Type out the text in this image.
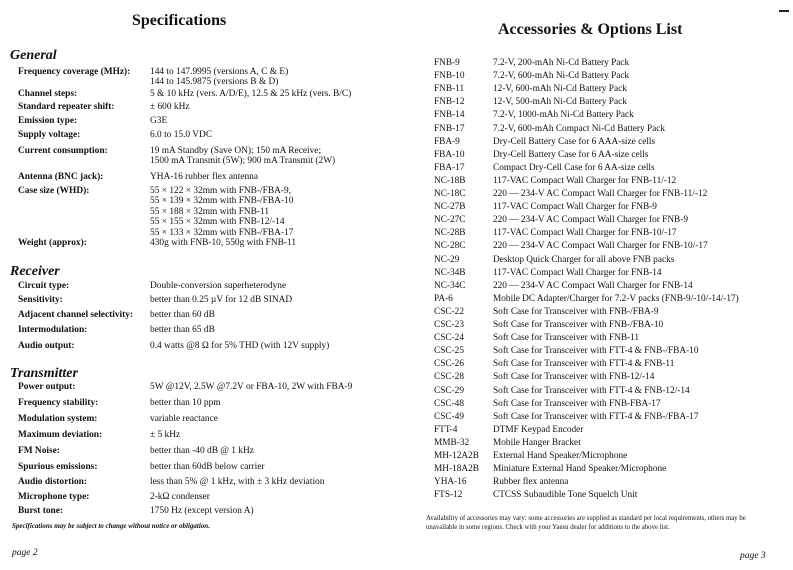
Specifications
General
Frequency coverage (MHz): 144 to 147.9995 (versions A, C & E)
144 to 145.9875 (versions B & D)
Channel steps:	5 & 10 kHz (vers. A/D/E), 12.5 & 25 kHz (vers. B/C)
Standard repeater shift:	± 600 kHz
Emission type:	G3E
Supply voltage:	6.0 to 15.0 VDC
Current consumption:	19 mA Standby (Save ON); 150 mA Receive;
1500 mA Transmit (5W); 900 mA Transmit (2W)
Antenna (BNC jack):	YHA-16 rubber flex antenna
Case size (WHD):	55 × 122 × 32mm with FNB-/FBA-9,
55 × 139 × 32mm with FNB-/FBA-10
55 × 188 × 32mm with FNB-11
55 × 155 × 32mm with FNB-12/-14
55 × 133 × 32mm with FNB-/FBA-17
Weight (approx):	430g with FNB-10, 550g with FNB-11
Receiver
Circuit type:	Double-conversion superheterodyne
Sensitivity:	better than 0.25 µV for 12 dB SINAD
Adjacent channel selectivity: better than 60 dB
Intermodulation:	better than 65 dB
Audio output:	0.4 watts @8 Ω for 5% THD (with 12V supply)
Transmitter
Power output:	5W @12V, 2.5W @7.2V or FBA-10, 2W with FBA-9
Frequency stability:	better than 10 ppm
Modulation system:	variable reactance
Maximum deviation:	± 5 kHz
FM Noise:	better than -40 dB @ 1 kHz
Spurious emissions:	better than 60dB below carrier
Audio distortion:	less than 5% @ 1 kHz, with ± 3 kHz deviation
Microphone type:	2-kΩ condenser
Burst tone:	1750 Hz (except version A)
Specifications may be subject to change without notice or obligation.
page 2
Accessories & Options List
FNB-9	7.2-V, 200-mAh Ni-Cd Battery Pack
FNB-10	7.2-V, 600-mAh Ni-Cd Battery Pack
FNB-11	12-V, 600-mAh Ni-Cd Battery Pack
FNB-12	12-V, 500-mAh Ni-Cd Battery Pack
FNB-14	7.2-V, 1000-mAh Ni-Cd Battery Pack
FNB-17	7.2-V, 600-mAh Compact Ni-Cd Battery Pack
FBA-9	Dry-Cell Battery Case for 6 AAA-size cells
FBA-10	Dry-Cell Battery Case for 6 AA-size cells
FBA-17	Compact Dry-Cell Case for 6 AA-size cells
NC-18B	117-VAC Compact Wall Charger for FNB-11/-12
NC-18C	220 — 234-V AC Compact Wall Charger for FNB-11/-12
NC-27B	117-VAC Compact Wall Charger for FNB-9
NC-27C	220 — 234-V AC Compact Wall Charger for FNB-9
NC-28B	117-VAC Compact Wall Charger for FNB-10/-17
NC-28C	220 — 234-V AC Compact Wall Charger for FNB-10/-17
NC-29	Desktop Quick Charger for all above FNB packs
NC-34B	117-VAC Compact Wall Charger for FNB-14
NC-34C	220 — 234-V AC Compact Wall Charger for FNB-14
PA-6	Mobile DC Adapter/Charger for 7.2-V packs (FNB-9/-10/-14/-17)
CSC-22	Soft Case for Transceiver with FNB-/FBA-9
CSC-23	Soft Case for Transceiver with FNB-/FBA-10
CSC-24	Soft Case for Transceiver with FNB-11
CSC-25	Soft Case for Transceiver with FTT-4 & FNB-/FBA-10
CSC-26	Soft Case for Transceiver with FTT-4 & FNB-11
CSC-28	Soft Case for Transceiver with FNB-12/-14
CSC-29	Soft Case for Transceiver with FTT-4 & FNB-12/-14
CSC-48	Soft Case for Transceiver with FNB-FBA-17
CSC-49	Soft Case for Transceiver with FTT-4 & FNB-/FBA-17
FTT-4	DTMF Keypad Encoder
MMB-32	Mobile Hanger Bracket
MH-12A2B External Hand Speaker/Microphone
MH-18A2B Miniature External Hand Speaker/Microphone
YHA-16	Rubber flex antenna
FTS-12	CTCSS Subaudible Tone Squelch Unit
Availability of accessories may vary: some accessories are supplied as standard per local requirements, others may be unavailable in some regions. Check with your Yaesu dealer for additions to the above list.
page 3
